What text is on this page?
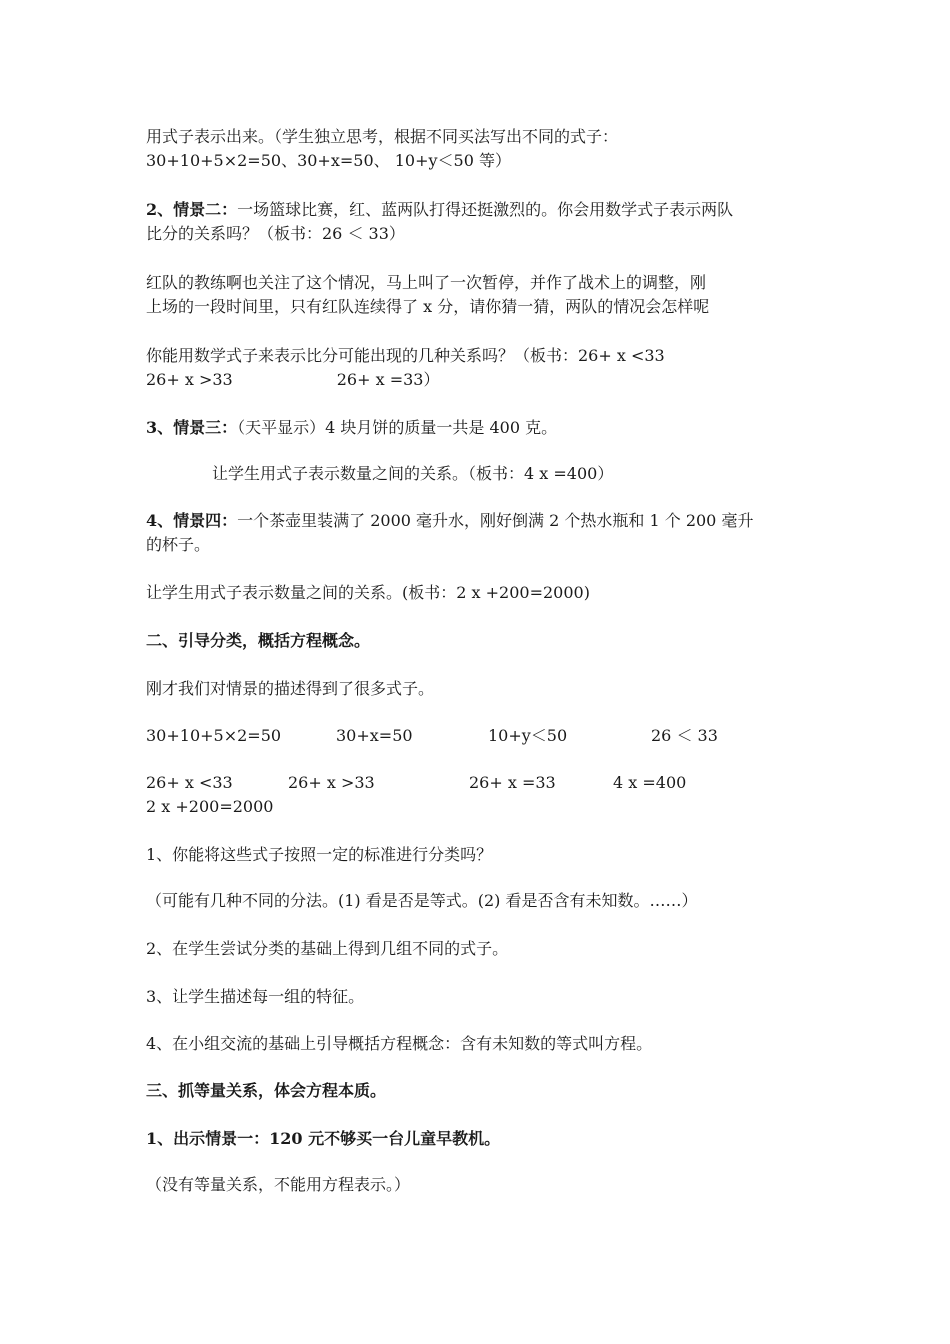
用式子表示出来。（学生独立思考，根据不同买法写出不同的式子：

30+10+5×2=50、30+x=50、 10+y＜50 等）

2、情景二：一场篮球比赛，红、蓝两队打得还挺激烈的。你会用数学式子表示两队

比分的关系吗？（板书：26 ＜ 33）

红队的教练啊也关注了这个情况，马上叫了一次暂停，并作了战术上的调整，刚

上场的一段时间里，只有红队连续得了 x 分，请你猜一猜，两队的情况会怎样呢

你能用数学式子来表示比分可能出现的几种关系吗？（板书：26+ x <33

26+ x >33	26+ x =33）

3、情景三：（天平显示）4 块月饼的质量一共是 400 克。

让学生用式子表示数量之间的关系。（板书：4 x =400）

4、情景四：一个茶壶里装满了 2000 毫升水，刚好倒满 2 个热水瓶和 1 个 200 毫升

的杯子。

让学生用式子表示数量之间的关系。(板书：2 x +200=2000)

二、引导分类，概括方程概念。

刚才我们对情景的描述得到了很多式子。

30+10+5×2=50	30+x=50	10+y＜50	26 ＜ 33
26+ x <33	26+ x >33	26+ x =33	4 x =400
2 x +200=2000

1、你能将这些式子按照一定的标准进行分类吗？

（可能有几种不同的分法。(1) 看是否是等式。(2) 看是否含有未知数。……）

2、在学生尝试分类的基础上得到几组不同的式子。

3、让学生描述每一组的特征。

4、在小组交流的基础上引导概括方程概念：含有未知数的等式叫方程。

三、抓等量关系，体会方程本质。

1、出示情景一：120 元不够买一台儿童早教机。

（没有等量关系，不能用方程表示。）
